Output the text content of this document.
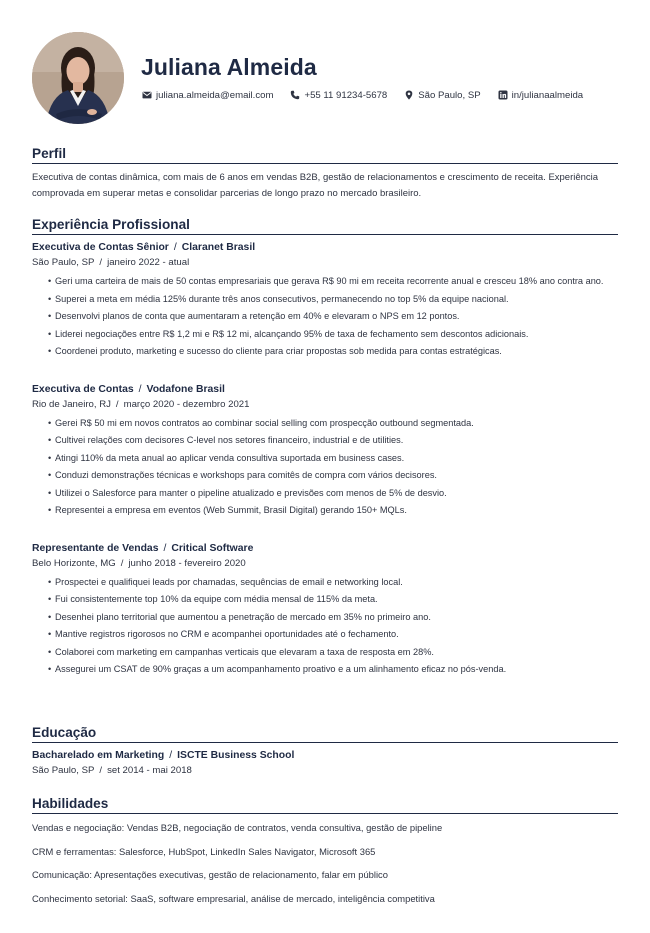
Juliana Almeida
juliana.almeida@email.com	+55 11 91234-5678	São Paulo, SP	in/julianaalmeida
Perfil

Executiva de contas dinâmica, com mais de 6 anos em vendas B2B, gestão de relacionamentos e crescimento de receita. Experiência comprovada em superar metas e consolidar parcerias de longo prazo no mercado brasileiro.

Experiência Profissional
Executiva de Contas Sênior / Claranet Brasil
São Paulo, SP / janeiro 2022 - atual
• Geri uma carteira de mais de 50 contas empresariais que gerava R$ 90 mi em receita recorrente anual e cresceu 18% ano contra ano.
• Superei a meta em média 125% durante três anos consecutivos, permanecendo no top 5% da equipe nacional.
• Desenvolvi planos de conta que aumentaram a retenção em 40% e elevaram o NPS em 12 pontos.
• Liderei negociações entre R$ 1,2 mi e R$ 12 mi, alcançando 95% de taxa de fechamento sem descontos adicionais.
• Coordenei produto, marketing e sucesso do cliente para criar propostas sob medida para contas estratégicas.
Executiva de Contas / Vodafone Brasil
Rio de Janeiro, RJ / março 2020 - dezembro 2021
• Gerei R$ 50 mi em novos contratos ao combinar social selling com prospecção outbound segmentada.
• Cultivei relações com decisores C-level nos setores financeiro, industrial e de utilities.
• Atingi 110% da meta anual ao aplicar venda consultiva suportada em business cases.
• Conduzi demonstrações técnicas e workshops para comitês de compra com vários decisores.
• Utilizei o Salesforce para manter o pipeline atualizado e previsões com menos de 5% de desvio.
• Representei a empresa em eventos (Web Summit, Brasil Digital) gerando 150+ MQLs.
Representante de Vendas / Critical Software
Belo Horizonte, MG / junho 2018 - fevereiro 2020
• Prospectei e qualifiquei leads por chamadas, sequências de email e networking local.
• Fui consistentemente top 10% da equipe com média mensal de 115% da meta.
• Desenhei plano territorial que aumentou a penetração de mercado em 35% no primeiro ano.
• Mantive registros rigorosos no CRM e acompanhei oportunidades até o fechamento.
• Colaborei com marketing em campanhas verticais que elevaram a taxa de resposta em 28%.
• Assegurei um CSAT de 90% graças a um acompanhamento proativo e a um alinhamento eficaz no pós-venda.
Educação
Bacharelado em Marketing / ISCTE Business School
São Paulo, SP / set 2014 - mai 2018
Habilidades
Vendas e negociação: Vendas B2B, negociação de contratos, venda consultiva, gestão de pipeline
CRM e ferramentas: Salesforce, HubSpot, LinkedIn Sales Navigator, Microsoft 365
Comunicação: Apresentações executivas, gestão de relacionamento, falar em público
Conhecimento setorial: SaaS, software empresarial, análise de mercado, inteligência competitiva
